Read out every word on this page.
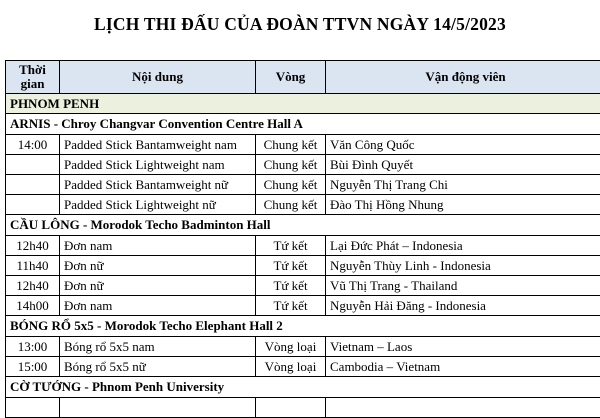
LỊCH THI ĐẤU CỦA ĐOÀN TTVN NGÀY 14/5/2023
Thời
gian	Nội dung	Vòng	Vận động viên
PHNOM PENH			
ARNIS - Chroy Changvar Convention Centre Hall A			
14:00	Padded Stick Bantamweight nam	Chung kết	Văn Công Quốc
	Padded Stick Lightweight nam	Chung kết	Bùi Đình Quyết
	Padded Stick Bantamweight nữ	Chung kết	Nguyễn Thị Trang Chi
	Padded Stick Lightweight nữ	Chung kết	Đào Thị Hồng Nhung
CẦU LÔNG - Morodok Techo Badminton Hall			
12h40	Đơn nam	Tứ kết	Lại Đức Phát – Indonesia
11h40	Đơn nữ	Tứ kết	Nguyễn Thùy Linh - Indonesia
12h40	Đơn nữ	Tứ kết	Vũ Thị Trang - Thailand
14h00	Đơn nam	Tứ kết	Nguyễn Hải Đăng - Indonesia
BÓNG RỔ 5x5 - Morodok Techo Elephant Hall 2			
13:00	Bóng rổ 5x5 nam	Vòng loại	Vietnam – Laos
15:00	Bóng rổ 5x5 nữ	Vòng loại	Cambodia – Vietnam
CỜ TƯỚNG - Phnom Penh University			
